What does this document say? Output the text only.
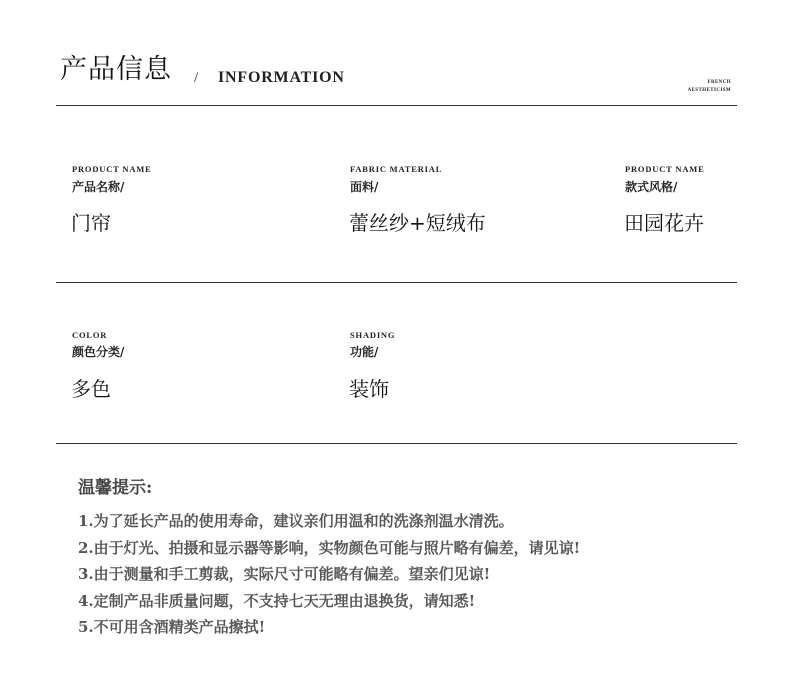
产品信息 / INFORMATION	FRENCH
AESTHETICISM
PRODUCT NAME
产品名称/
门帘
FABRIC MATERIAL
面料/
蕾丝纱+短绒布
PRODUCT NAME
款式风格/
田园花卉
COLOR
颜色分类/
多色
SHADING
功能/
装饰
温馨提示:
1.为了延长产品的使用寿命，建议亲们用温和的洗涤剂温水清洗。
2.由于灯光、拍摄和显示器等影响，实物颜色可能与照片略有偏差，请见谅!
3.由于测量和手工剪裁，实际尺寸可能略有偏差。望亲们见谅!
4.定制产品非质量问题，不支持七天无理由退换货，请知悉!
5.不可用含酒精类产品擦拭!
